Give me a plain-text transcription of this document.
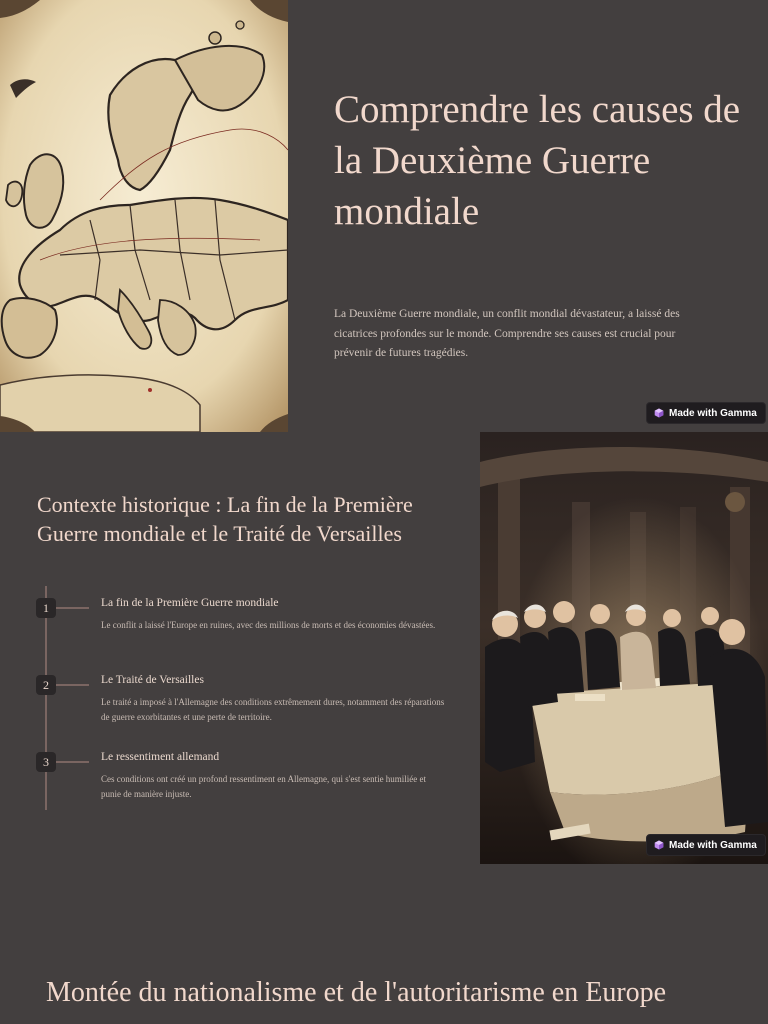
Comprendre les causes de la Deuxième Guerre mondiale

La Deuxième Guerre mondiale, un conflit mondial dévastateur, a laissé des cicatrices profondes sur le monde. Comprendre ses causes est crucial pour prévenir de futures tragédies.

Made with Gamma
Contexte historique : La fin de la Première Guerre mondiale et le Traité de Versailles
1	La fin de la Première Guerre mondiale
Le conflit a laissé l'Europe en ruines, avec des millions de morts et des économies dévastées.
2	Le Traité de Versailles
Le traité a imposé à l'Allemagne des conditions extrêmement dures, notamment des réparations de guerre exorbitantes et une perte de territoire.
3	Le ressentiment allemand
Ces conditions ont créé un profond ressentiment en Allemagne, qui s'est sentie humiliée et punie de manière injuste.
Made with Gamma
Montée du nationalisme et de l'autoritarisme en Europe
